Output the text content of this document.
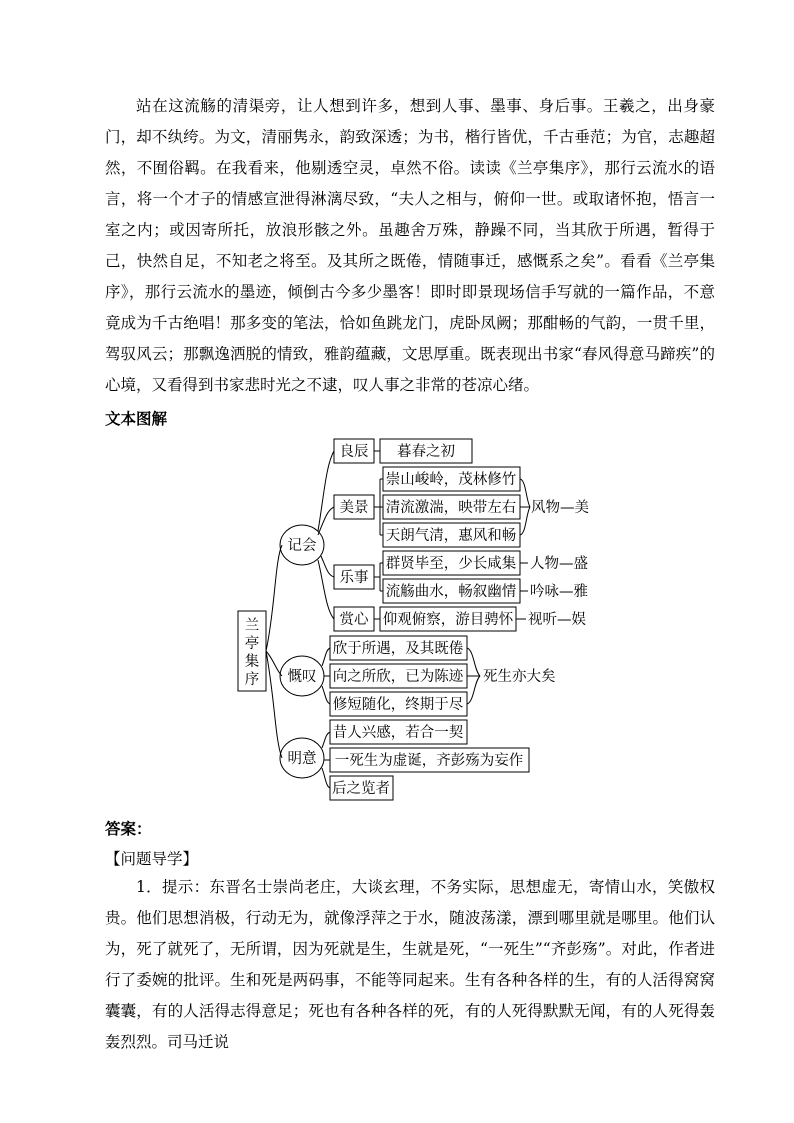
站在这流觞的清渠旁，让人想到许多，想到人事、墨事、身后事。王羲之，出身豪门，却不纨绔。为文，清丽隽永，韵致深透；为书，楷行皆优，千古垂范；为官，志趣超然，不囿俗羁。在我看来，他剔透空灵，卓然不俗。读读《兰亭集序》，那行云流水的语言，将一个才子的情感宣泄得淋漓尽致，“夫人之相与，俯仰一世。或取诸怀抱，悟言一室之内；或因寄所托，放浪形骸之外。虽趣舍万殊，静躁不同，当其欣于所遇，暂得于己，快然自足，不知老之将至。及其所之既倦，情随事迁，感慨系之矣”。看看《兰亭集序》，那行云流水的墨迹，倾倒古今多少墨客！即时即景现场信手写就的一篇作品，不意竟成为千古绝唱！那多变的笔法，恰如鱼跳龙门，虎卧凤阙；那酣畅的气韵，一贯千里，驾驭风云；那飘逸洒脱的情致，雅韵蕴藏，文思厚重。既表现出书家“春风得意马蹄疾”的心境，又看得到书家悲时光之不逮，叹人事之非常的苍凉心绪。

文本图解
兰
亭
集
序
记会
慨叹
明意
良辰
美景
乐事
赏心
暮春之初
崇山峻岭，茂林修竹
清流激湍，映带左右
天朗气清，惠风和畅
群贤毕至，少长咸集
流觞曲水，畅叙幽情
仰观俯察，游目骋怀
风物—美
人物—盛
吟咏—雅
视听—娱
欣于所遇，及其既倦
向之所欣，已为陈迹
修短随化，终期于尽
死生亦大矣
昔人兴感，若合一契
一死生为虚诞，齐彭殇为妄作
后之览者
答案：
【问题导学】

1．提示：东晋名士崇尚老庄，大谈玄理，不务实际，思想虚无，寄情山水，笑傲权贵。他们思想消极，行动无为，就像浮萍之于水，随波荡漾，漂到哪里就是哪里。他们认为，死了就死了，无所谓，因为死就是生，生就是死，“一死生”“齐彭殇”。对此，作者进行了委婉的批评。生和死是两码事，不能等同起来。生有各种各样的生，有的人活得窝窝囊囊，有的人活得志得意足；死也有各种各样的死，有的人死得默默无闻，有的人死得轰轰烈烈。司马迁说
